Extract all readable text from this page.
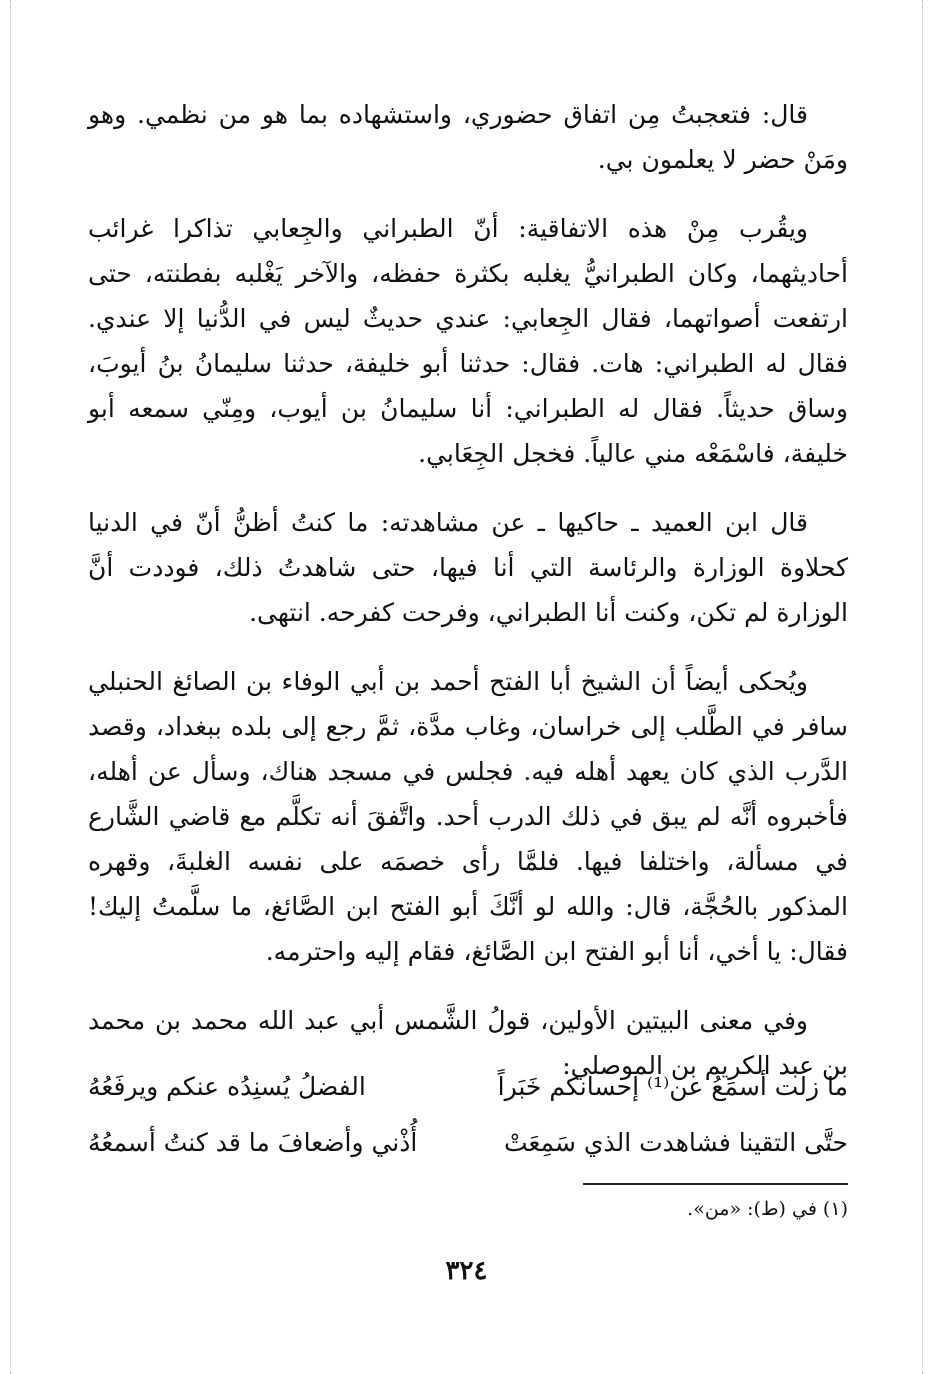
قال: فتعجبتُ مِن اتفاق حضوري، واستشهاده بما هو من نظمي. وهو ومَنْ حضر لا يعلمون بي.

ويقُرب مِنْ هذه الاتفاقية: أنّ الطبراني والجِعابي تذاكرا غرائب أحاديثهما، وكان الطبرانيُّ يغلبه بكثرة حفظه، والآخر يَغْلبه بفطنته، حتى ارتفعت أصواتهما، فقال الجِعابي: عندي حديثٌ ليس في الدُّنيا إلا عندي. فقال له الطبراني: هات. فقال: حدثنا أبو خليفة، حدثنا سليمانُ بنُ أيوبَ، وساق حديثاً. فقال له الطبراني: أنا سليمانُ بن أيوب، ومِنّي سمعه أبو خليفة، فاسْمَعْه مني عالياً. فخجل الجِعَابي.

قال ابن العميد ـ حاكيها ـ عن مشاهدته: ما كنتُ أظنُّ أنّ في الدنيا كحلاوة الوزارة والرئاسة التي أنا فيها، حتى شاهدتُ ذلك، فوددت أنَّ الوزارة لم تكن، وكنت أنا الطبراني، وفرحت كفرحه. انتهى.

ويُحكى أيضاً أن الشيخ أبا الفتح أحمد بن أبي الوفاء بن الصائغ الحنبلي سافر في الطَّلب إلى خراسان، وغاب مدَّة، ثمَّ رجع إلى بلده ببغداد، وقصد الدَّرب الذي كان يعهد أهله فيه. فجلس في مسجد هناك، وسأل عن أهله، فأخبروه أنَّه لم يبق في ذلك الدرب أحد. واتَّفقَ أنه تكلَّم مع قاضي الشَّارع في مسألة، واختلفا فيها. فلمَّا رأى خصمَه على نفسه الغلبةَ، وقهره المذكور بالحُجَّة، قال: والله لو أنَّكَ أبو الفتح ابن الصَّائغ، ما سلَّمتُ إليك! فقال: يا أخي، أنا أبو الفتح ابن الصَّائغ، فقام إليه واحترمه.

وفي معنى البيتين الأولين، قولُ الشَّمس أبي عبد الله محمد بن محمد بن عبد الكريم بن الموصلي:

ما زلت أسمَعُ عن⁽¹⁾ إحسانكم خَبَراً
الفضلُ يُسنِدُه عنكم ويرفَعُهُ
حتَّى التقينا فشاهدت الذي سَمِعَتْ
أُذْني وأضعافَ ما قد كنتُ أسمعُهُ
(١) في (ط): «من».
٣٢٤
